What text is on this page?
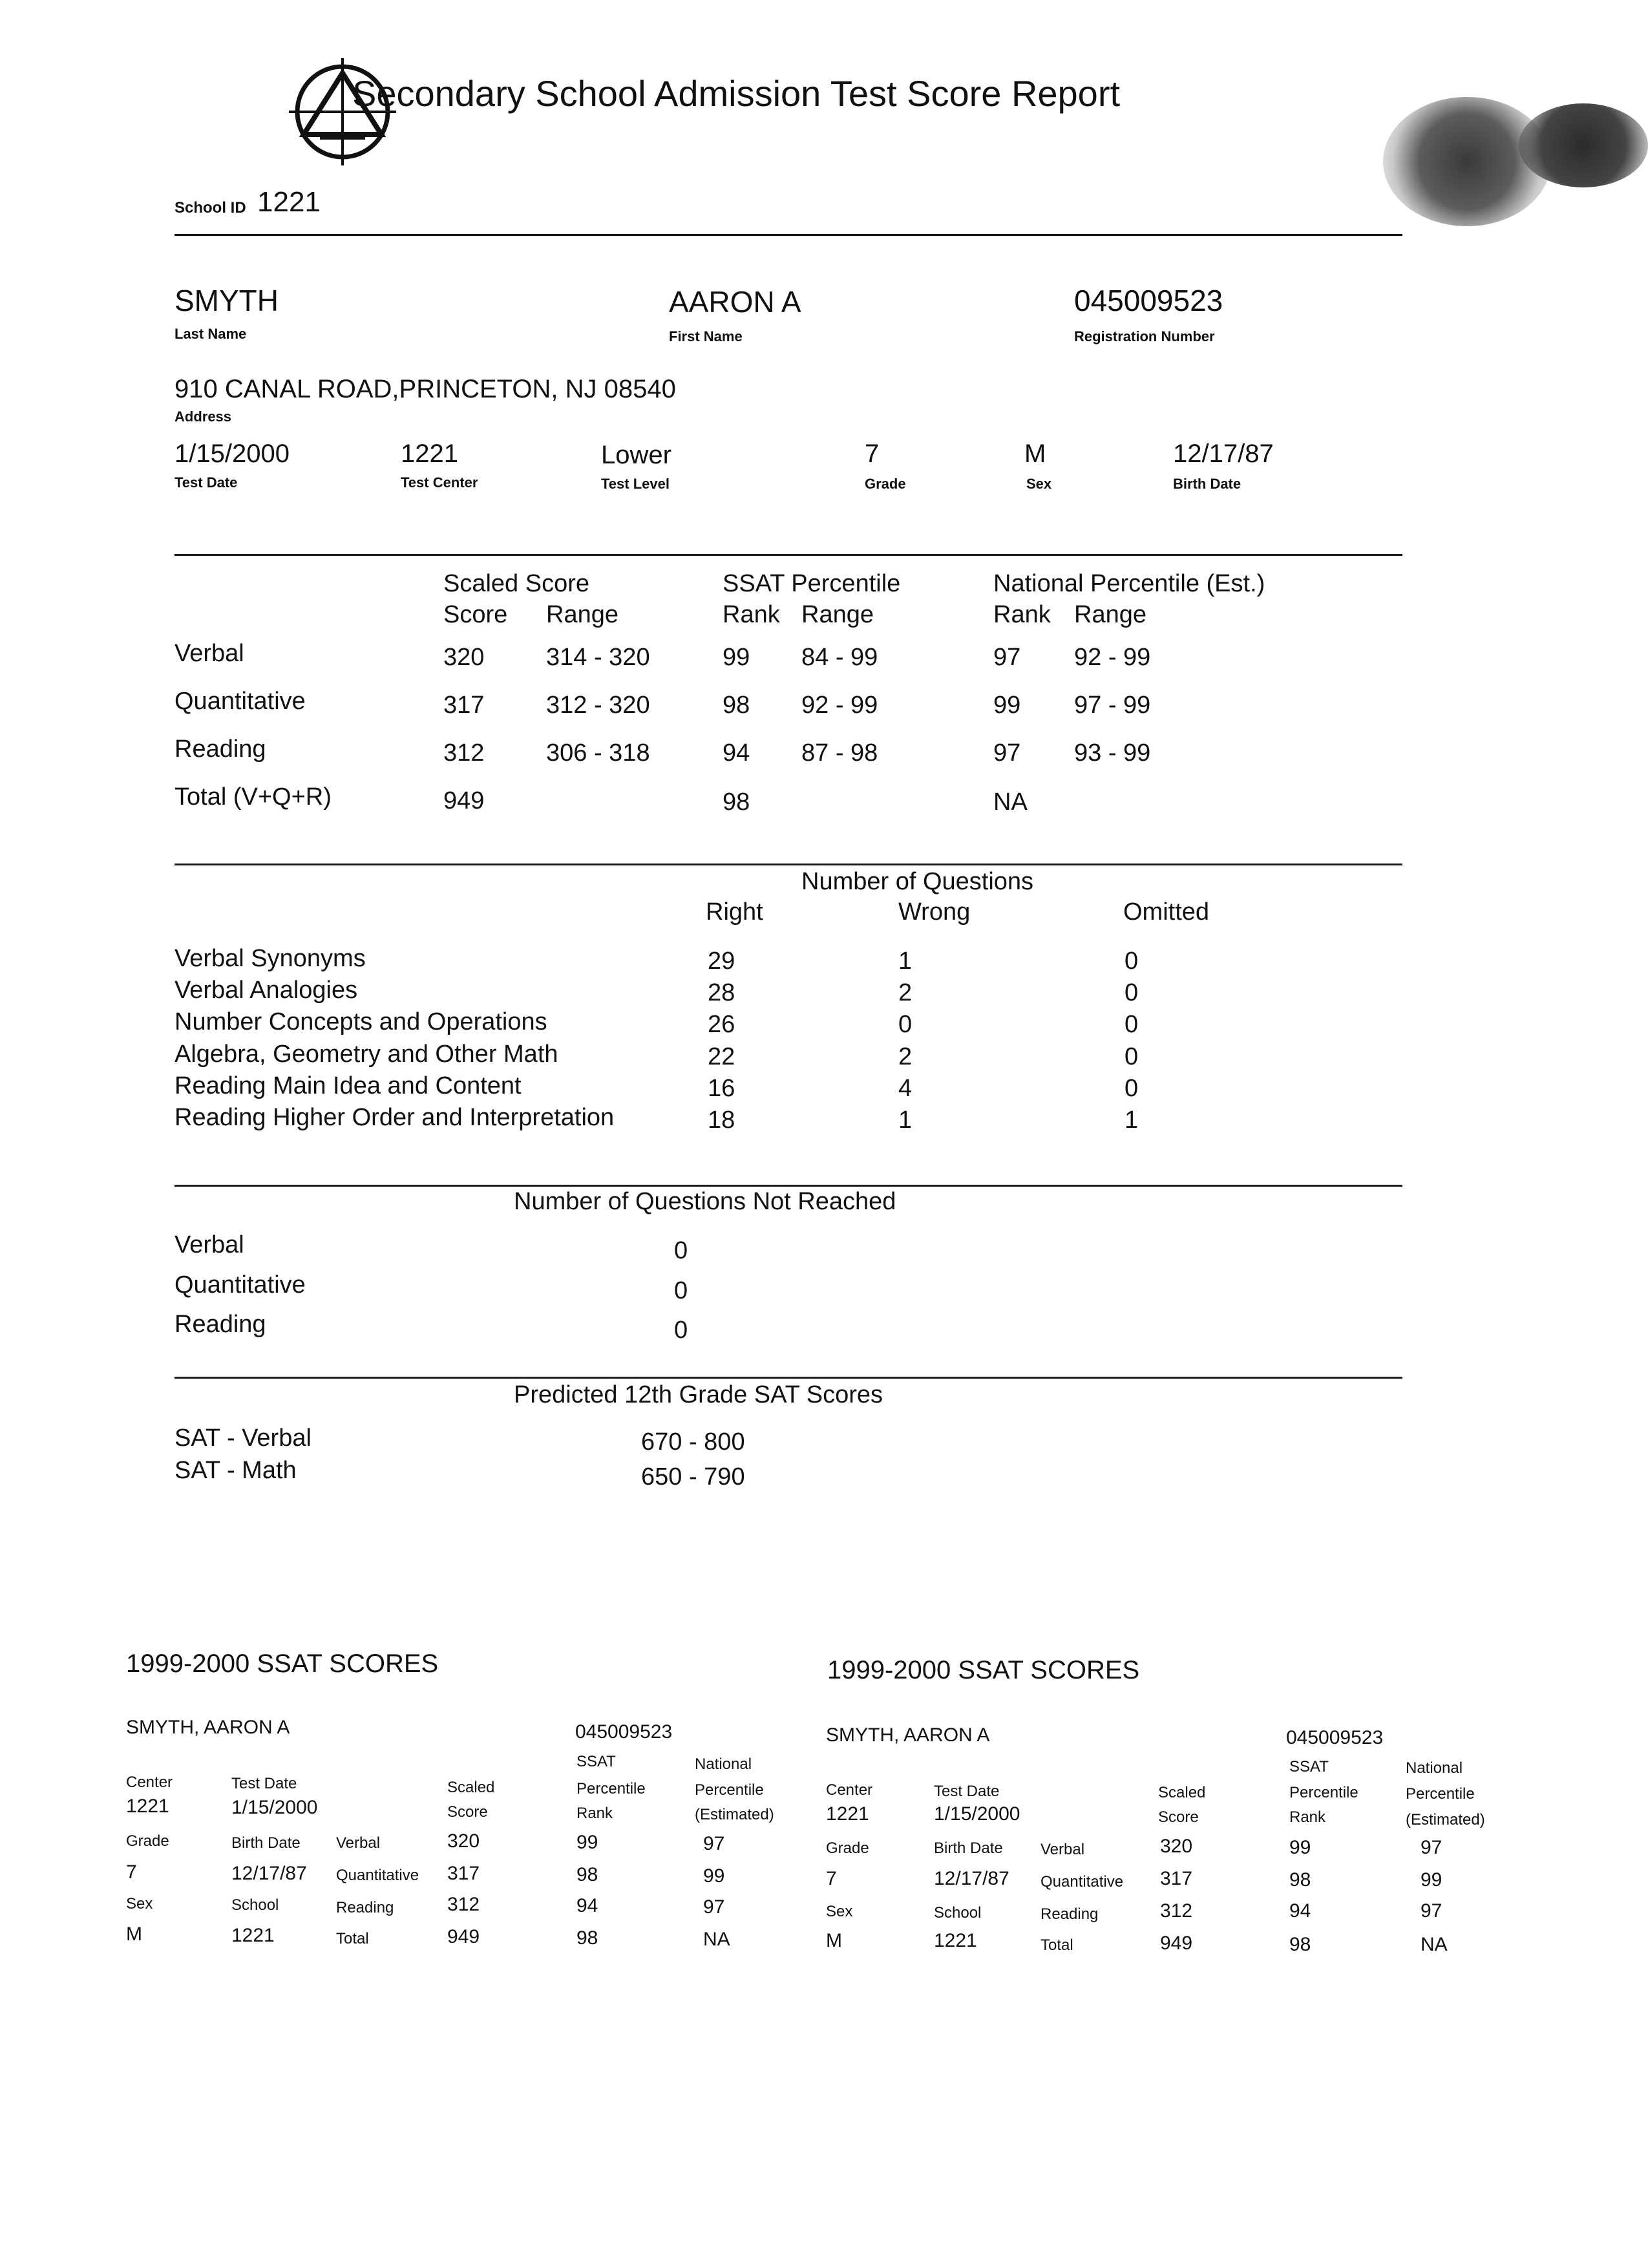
Secondary School Admission Test Score Report
School ID 1221
SMYTH
Last Name
AARON A
First Name
045009523
Registration Number
910 CANAL ROAD,PRINCETON, NJ 08540
Address
1/15/2000
Test Date
1221
Test Center
Lower
Test Level
7
Grade
M
Sex
12/17/87
Birth Date
Scaled Score	SSAT Percentile	National Percentile (Est.)
Score Range	Rank Range	Rank Range
Verbal	320	314 - 320	99 84 - 99	97 92 - 99
Quantitative	317	312 - 320	98 92 - 99	99 97 - 99
Reading	312	306 - 318	94 87 - 98	97 93 - 99
Total (V+Q+R)	949	98	NA
Number of Questions
Right	Wrong	Omitted
Verbal Synonyms	29	1	0
Verbal Analogies	28	2	0
Number Concepts and Operations	26	0	0
Algebra, Geometry and Other Math	22	2	0
Reading Main Idea and Content	16	4	0
Reading Higher Order and Interpretation	18	1	1
Number of Questions Not Reached
Verbal	0
Quantitative	0
Reading	0
Predicted 12th Grade SAT Scores
SAT - Verbal	670 - 800
SAT - Math	650 - 790
1999-2000 SSAT SCORES
SMYTH, AARON A	045009523
SSAT	National
Center	Test Date	Scaled	Percentile	Percentile
1221	1/15/2000	Score	Rank	(Estimated)
Grade	Birth Date Verbal	320	99	97
7	12/17/87 Quantitative 317	98	99
Sex	School	Reading	312	94	97
M	1221	Total	949	98	NA
1999-2000 SSAT SCORES
SMYTH, AARON A	045009523
SSAT	National
Center	Test Date	Scaled	Percentile	Percentile
1221	1/15/2000	Score	Rank	(Estimated)
Grade	Birth Date Verbal	320	99	97
7	12/17/87 Quantitative 317	98	99
Sex	School	Reading	312	94	97
M	1221	Total	949	98	NA
